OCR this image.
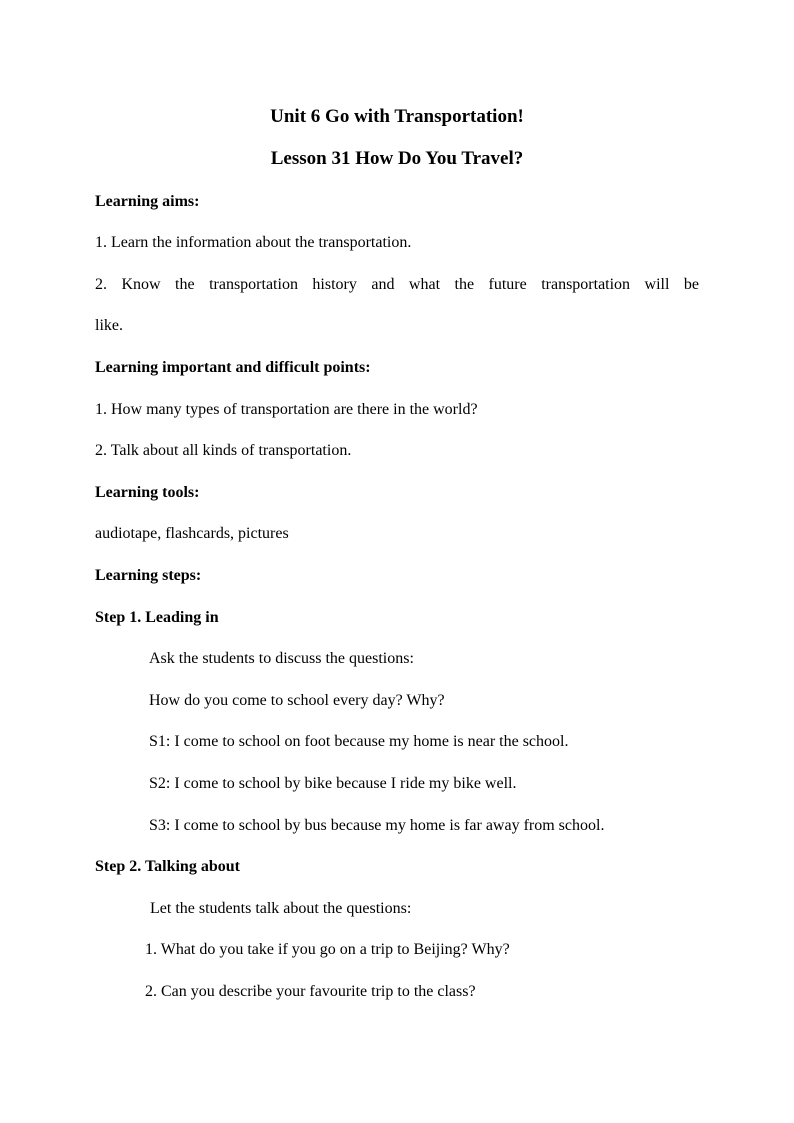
Unit 6 Go with Transportation!
Lesson 31 How Do You Travel?
Learning aims:
1. Learn the information about the transportation.
2. Know the transportation history and what the future transportation will be
like.
Learning important and difficult points:
1. How many types of transportation are there in the world?
2. Talk about all kinds of transportation.
Learning tools:
audiotape, flashcards, pictures
Learning steps:
Step 1. Leading in
Ask the students to discuss the questions:
How do you come to school every day? Why?
S1: I come to school on foot because my home is near the school.
S2: I come to school by bike because I ride my bike well.
S3: I come to school by bus because my home is far away from school.
Step 2. Talking about
Let the students talk about the questions:
1. What do you take if you go on a trip to Beijing? Why?
2. Can you describe your favourite trip to the class?
